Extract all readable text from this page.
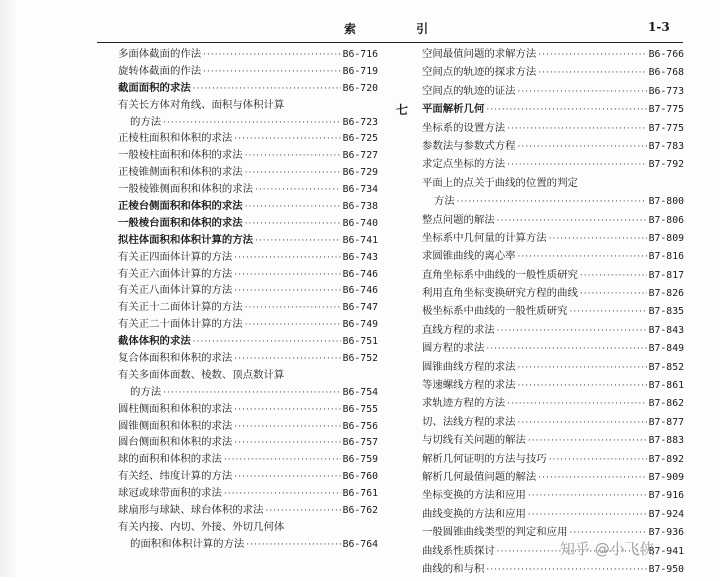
索 引	1-3
七
多面体截面的作法 ·····	B6-716
旋转体截面的作法 ·····	B6-719
截面面积的求法 ·····	B6-720
有关长方体对角线、面积与体积计算
的方法 ·····	B6-723
正棱柱面积和体积的求法 ·····	B6-725
一般棱柱面积和体积的求法 ·····	B6-727
正棱锥侧面积和体积的求法 ·····	B6-729
一般棱锥侧面积和体积的求法 ·····	B6-734
正棱台侧面积和体积的求法 ·····	B6-738
一般棱台面积和体积的求法 ·····	B6-740
拟柱体面积和体积计算的方法 ·····	B6-741
有关正四面体计算的方法 ·····	B6-743
有关正六面体计算的方法 ·····	B6-746
有关正八面体计算的方法 ·····	B6-746
有关正十二面体计算的方法 ·····	B6-747
有关正二十面体计算的方法 ·····	B6-749
截体体积的求法 ·····	B6-751
复合体面积和体积的求法 ·····	B6-752
有关多面体面数、棱数、顶点数计算
的方法 ·····	B6-754
圆柱侧面积和体积的求法 ·····	B6-755
圆锥侧面积和体积的求法 ·····	B6-756
圆台侧面积和体积的求法 ·····	B6-757
球的面积和体积的求法 ·····	B6-759
有关经、纬度计算的方法 ·····	B6-760
球冠或球带面积的求法 ·····	B6-761
球扇形与球缺、球台体积的求法 ·····	B6-762
有关内接、内切、外接、外切几何体
的面积和体积计算的方法 ·····	B6-764
空间最值问题的求解方法 ·····	B6-766
空间点的轨迹的探求方法 ·····	B6-768
空间点的轨迹的证法 ·····	B6-773
平面解析几何 ·····	B7-775
坐标系的设置方法 ·····	B7-775
参数法与参数式方程 ·····	B7-783
求定点坐标的方法 ·····	B7-792
平面上的点关于曲线的位置的判定
方法 ·····	B7-800
整点问题的解法 ·····	B7-806
坐标系中几何量的计算方法 ·····	B7-809
求圆锥曲线的离心率 ·····	B7-816
直角坐标系中曲线的一般性质研究 ·····	B7-817
利用直角坐标变换研究方程的曲线 ·····	B7-826
极坐标系中曲线的一般性质研究 ·····	B7-835
直线方程的求法 ·····	B7-843
圆方程的求法 ·····	B7-849
圆锥曲线方程的求法 ·····	B7-852
等速螺线方程的求法 ·····	B7-861
求轨迹方程的方法 ·····	B7-862
切、法线方程的求法 ·····	B7-877
与切线有关问题的解法 ·····	B7-883
解析几何证明的方法与技巧 ·····	B7-892
解析几何最值问题的解法 ·····	B7-909
坐标变换的方法和应用 ·····	B7-916
曲线变换的方法和应用 ·····	B7-924
一般圆锥曲线类型的判定和应用 ·····	B7-936
曲线系性质探讨 ·····	B7-941
曲线的和与积 ·····	B7-950
知乎 @小飞侠
